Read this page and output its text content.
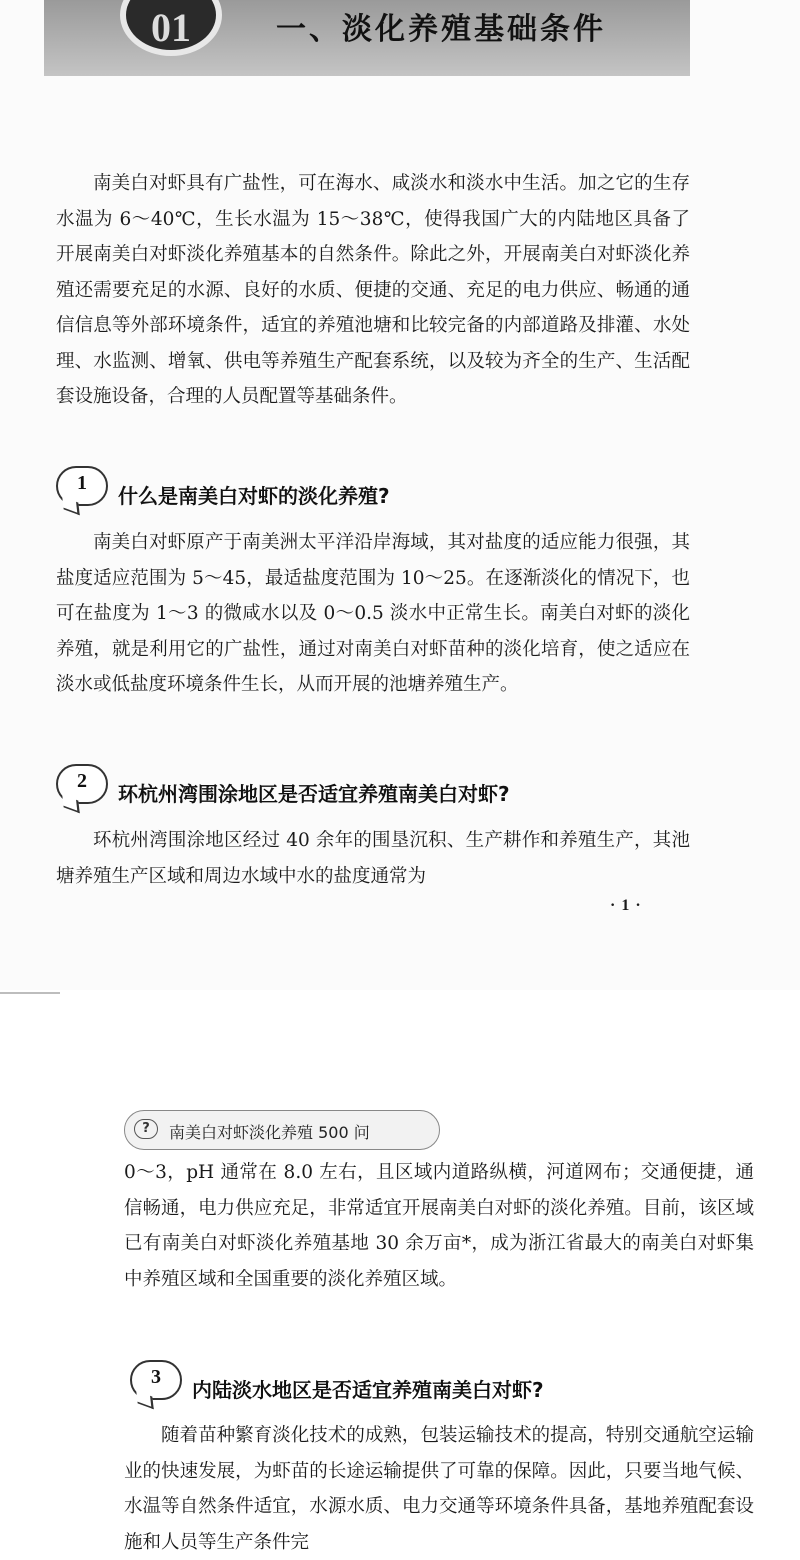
01	一、淡化养殖基础条件

南美白对虾具有广盐性，可在海水、咸淡水和淡水中生活。加之它的生存水温为 6～40℃，生长水温为 15～38℃，使得我国广大的内陆地区具备了开展南美白对虾淡化养殖基本的自然条件。除此之外，开展南美白对虾淡化养殖还需要充足的水源、良好的水质、便捷的交通、充足的电力供应、畅通的通信信息等外部环境条件，适宜的养殖池塘和比较完备的内部道路及排灌、水处理、水监测、增氧、供电等养殖生产配套系统，以及较为齐全的生产、生活配套设施设备，合理的人员配置等基础条件。

1
什么是南美白对虾的淡化养殖?

南美白对虾原产于南美洲太平洋沿岸海域，其对盐度的适应能力很强，其盐度适应范围为 5～45，最适盐度范围为 10～25。在逐渐淡化的情况下，也可在盐度为 1～3 的微咸水以及 0～0.5 淡水中正常生长。南美白对虾的淡化养殖，就是利用它的广盐性，通过对南美白对虾苗种的淡化培育，使之适应在淡水或低盐度环境条件生长，从而开展的池塘养殖生产。

2
环杭州湾围涂地区是否适宜养殖南美白对虾?

环杭州湾围涂地区经过 40 余年的围垦沉积、生产耕作和养殖生产，其池塘养殖生产区域和周边水域中水的盐度通常为

·1·
?	南美白对虾淡化养殖 500 问

0～3，pH 通常在 8.0 左右，且区域内道路纵横，河道网布；交通便捷，通信畅通，电力供应充足，非常适宜开展南美白对虾的淡化养殖。目前，该区域已有南美白对虾淡化养殖基地 30 余万亩*，成为浙江省最大的南美白对虾集中养殖区域和全国重要的淡化养殖区域。

3
内陆淡水地区是否适宜养殖南美白对虾?

随着苗种繁育淡化技术的成熟，包装运输技术的提高，特别交通航空运输业的快速发展，为虾苗的长途运输提供了可靠的保障。因此，只要当地气候、水温等自然条件适宜，水源水质、电力交通等环境条件具备，基地养殖配套设施和人员等生产条件完
